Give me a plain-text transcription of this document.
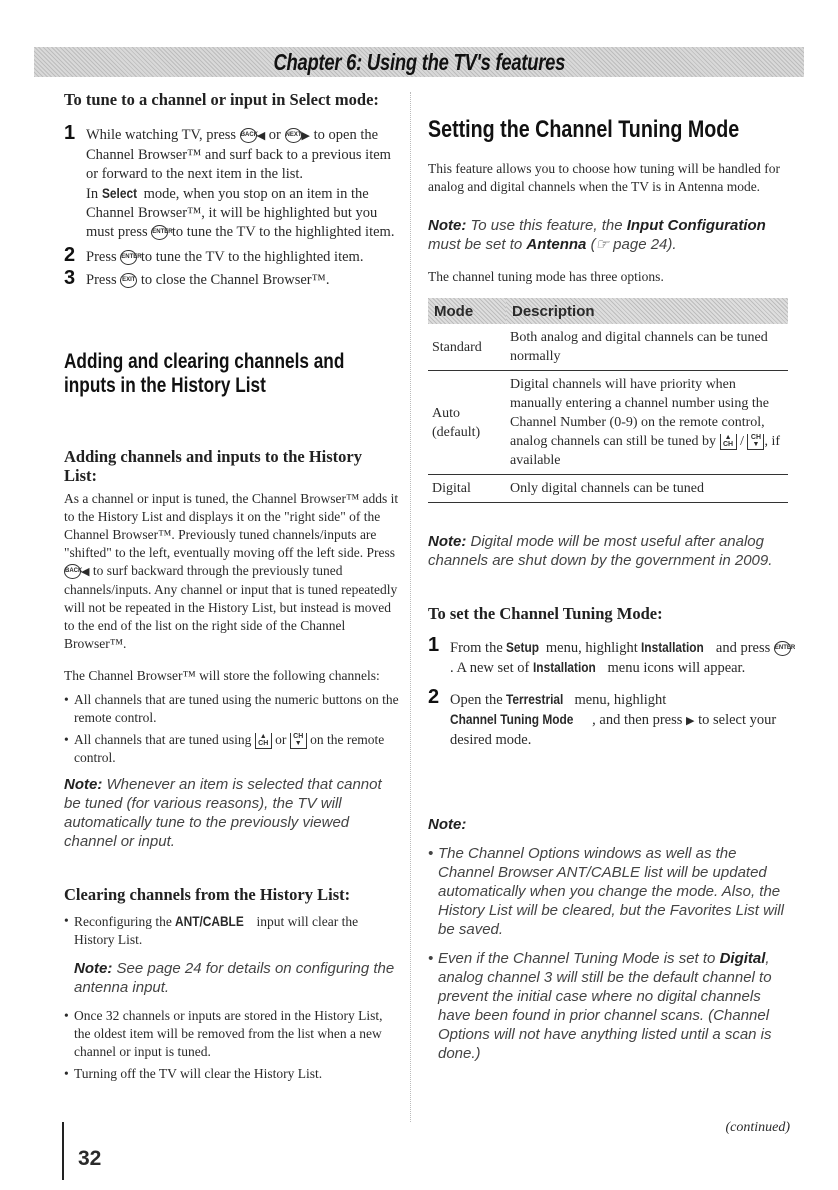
Chapter 6: Using the TV's features
To tune to a channel or input in Select mode:
1 While watching TV, press BACK◀ or NEXT▶ to open the Channel Browser™ and surf back to a previous item or forward to the next item in the list.
In Select mode, when you stop on an item in the Channel Browser™, it will be highlighted but you must press ENTER to tune the TV to the highlighted item.
2 Press ENTER to tune the TV to the highlighted item.
3 Press EXIT to close the Channel Browser™.
Adding and clearing channels and inputs in the History List
Adding channels and inputs to the History List:

As a channel or input is tuned, the Channel Browser™ adds it to the History List and displays it on the "right side" of the Channel Browser™. Previously tuned channels/inputs are "shifted" to the left, eventually moving off the left side. Press BACK◀ to surf backward through the previously tuned channels/inputs. Any channel or input that is tuned repeatedly will not be repeated in the History List, but instead is moved to the end of the list on the right side of the Channel Browser™.

The Channel Browser™ will store the following channels:

• All channels that are tuned using the numeric buttons on the remote control.
• All channels that are tuned using ▲
CH or CH
▼ on the remote control.
Note: Whenever an item is selected that cannot be tuned (for various reasons), the TV will automatically tune to the previously viewed channel or input.
Clearing channels from the History List:
• Reconfiguring the ANT/CABLE input will clear the History List.
Note: See page 24 for details on configuring the antenna input.
• Once 32 channels or inputs are stored in the History List, the oldest item will be removed from the list when a new channel or input is tuned.
• Turning off the TV will clear the History List.
Setting the Channel Tuning Mode

This feature allows you to choose how tuning will be handled for analog and digital channels when the TV is in Antenna mode.

Note: To use this feature, the Input Configuration must be set to Antenna (☞ page 24).

The channel tuning mode has three options.

Mode	Description
Standard	Both analog and digital channels can be tuned normally
Auto (default)	Digital channels will have priority when manually entering a channel number using the Channel Number (0-9) on the remote control, analog channels can still be tuned by ▲
CH / CH
▼ , if available
Digital	Only digital channels can be tuned
Note: Digital mode will be most useful after analog channels are shut down by the government in 2009.
To set the Channel Tuning Mode:
1 From the Setup menu, highlight Installation and press ENTER. A new set of Installation menu icons will appear.
2 Open the Terrestrial menu, highlight Channel Tuning Mode , and then press ▶ to select your desired mode.
Note:
• The Channel Options windows as well as the Channel Browser ANT/CABLE list will be updated automatically when you change the mode. Also, the History List will be cleared, but the Favorites List will be saved.
• Even if the Channel Tuning Mode is set to Digital, analog channel 3 will still be the default channel to prevent the initial case where no digital channels have been found in prior channel scans. (Channel Options will not have anything listed until a scan is done.)
(continued)
32
